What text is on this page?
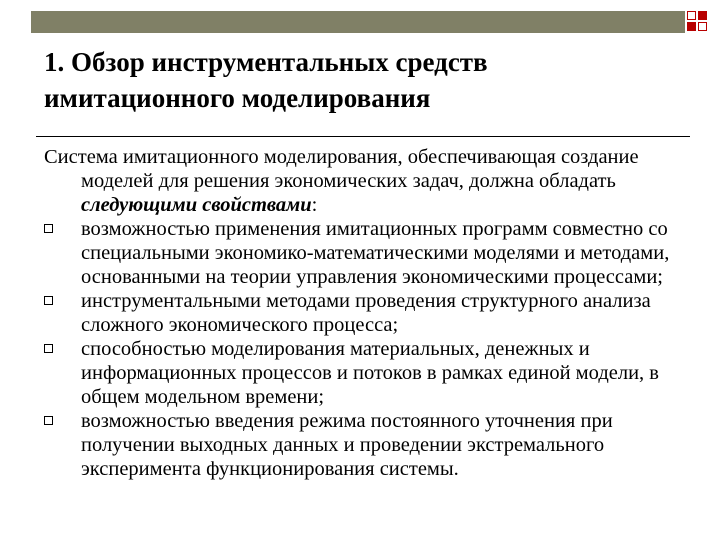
1. Обзор инструментальных средств имитационного моделирования

Система имитационного моделирования, обеспечивающая создание моделей для решения экономических задач, должна обладать следующими свойствами:

возможностью применения имитационных программ совместно со специальными экономико-математическими моделями и методами, основанными на теории управления экономическими процессами;
инструментальными методами проведения структурного анализа сложного экономического процесса;
способностью моделирования материальных, денежных и информационных процессов и потоков в рамках единой модели, в общем модельном времени;
возможностью введения режима постоянного уточнения при получении выходных данных и проведении экстремального эксперимента функционирования системы.
